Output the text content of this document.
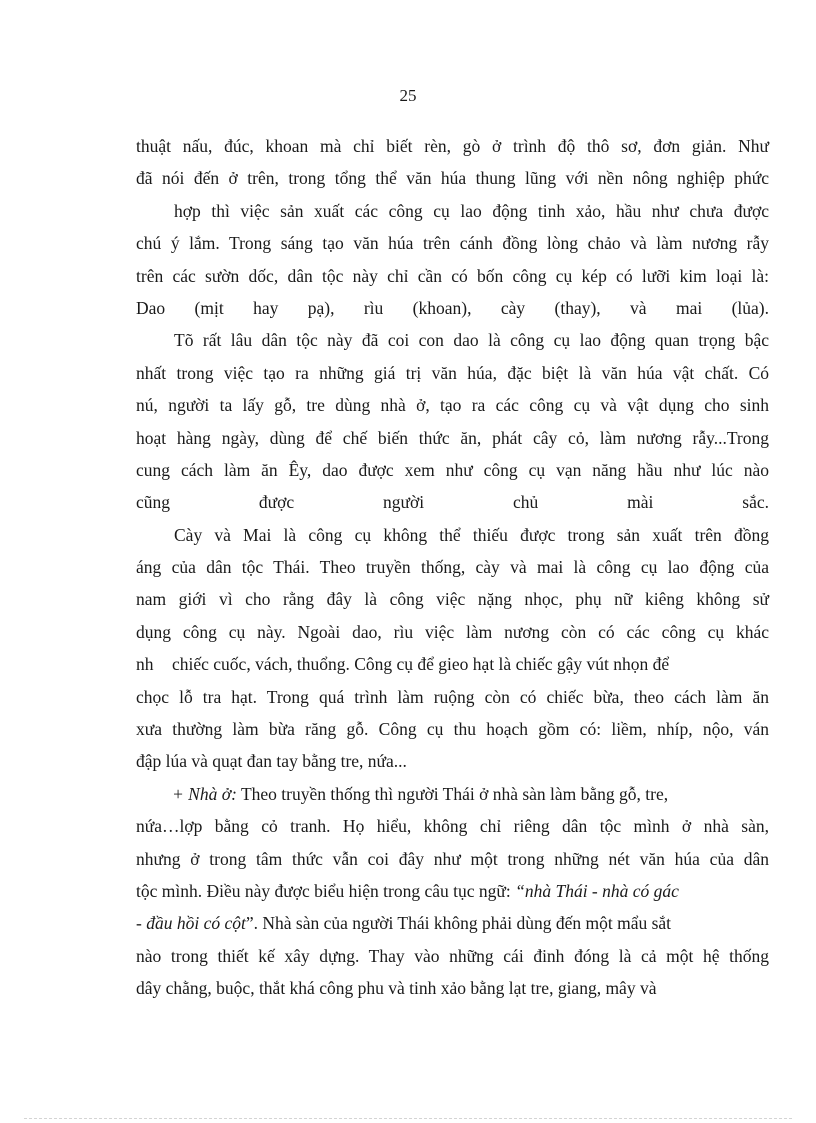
25
thuật nấu, đúc, khoan mà chỉ biết rèn, gò ở trình độ thô sơ, đơn giản. Như
đã nói đến ở trên, trong tổng thể văn húa thung lũng với nền nông nghiệp phức
hợp thì việc sản xuất các công cụ lao động tinh xảo, hầu như chưa được
chú ý lắm. Trong sáng tạo văn húa trên cánh đồng lòng chảo và làm nương rẫy
trên các sườn dốc, dân tộc này chỉ cần có bốn công cụ kép có lưỡi kim loại là:
Dao (mịt hay pạ), rìu (khoan), cày (thay), và mai (lủa).
Tõ rất lâu dân tộc này đã coi con dao là công cụ lao động quan trọng bậc
nhất trong việc tạo ra những giá trị văn húa, đặc biệt là văn húa vật chất. Có
nú, người ta lấy gỗ, tre dùng nhà ở, tạo ra các công cụ và vật dụng cho sinh
hoạt hàng ngày, dùng để chế biến thức ăn, phát cây cỏ, làm nương rẫy...Trong
cung cách làm ăn Êy, dao được xem như công cụ vạn năng hầu như lúc nào
cũng được người chủ mài sắc.
Cày và Mai là công cụ không thể thiếu được trong sản xuất trên đồng
áng của dân tộc Thái. Theo truyền thống, cày và mai là công cụ lao động của
nam giới vì cho rằng đây là công việc nặng nhọc, phụ nữ kiêng không sử
dụng công cụ này. Ngoài dao, rìu việc làm nương còn có các công cụ khác
nh chiếc cuốc, vách, thuổng. Công cụ để gieo hạt là chiếc gậy vút nhọn để
chọc lỗ tra hạt. Trong quá trình làm ruộng còn có chiếc bừa, theo cách làm ăn
xưa thường làm bừa răng gỗ. Công cụ thu hoạch gồm có: liềm, nhíp, nộo, ván
đập lúa và quạt đan tay bằng tre, nứa...
+ Nhà ở: Theo truyền thống thì người Thái ở nhà sàn làm bằng gỗ, tre,
nứa…lợp bằng cỏ tranh. Họ hiểu, không chỉ riêng dân tộc mình ở nhà sàn,
nhưng ở trong tâm thức vẫn coi đây như một trong những nét văn húa của dân
tộc mình. Điều này được biểu hiện trong câu tục ngữ: “nhà Thái - nhà có gác
- đầu hồi có cột”. Nhà sàn của người Thái không phải dùng đến một mẩu sắt
nào trong thiết kế xây dựng. Thay vào những cái đinh đóng là cả một hệ thống
dây chằng, buộc, thắt khá công phu và tinh xảo bằng lạt tre, giang, mây và
